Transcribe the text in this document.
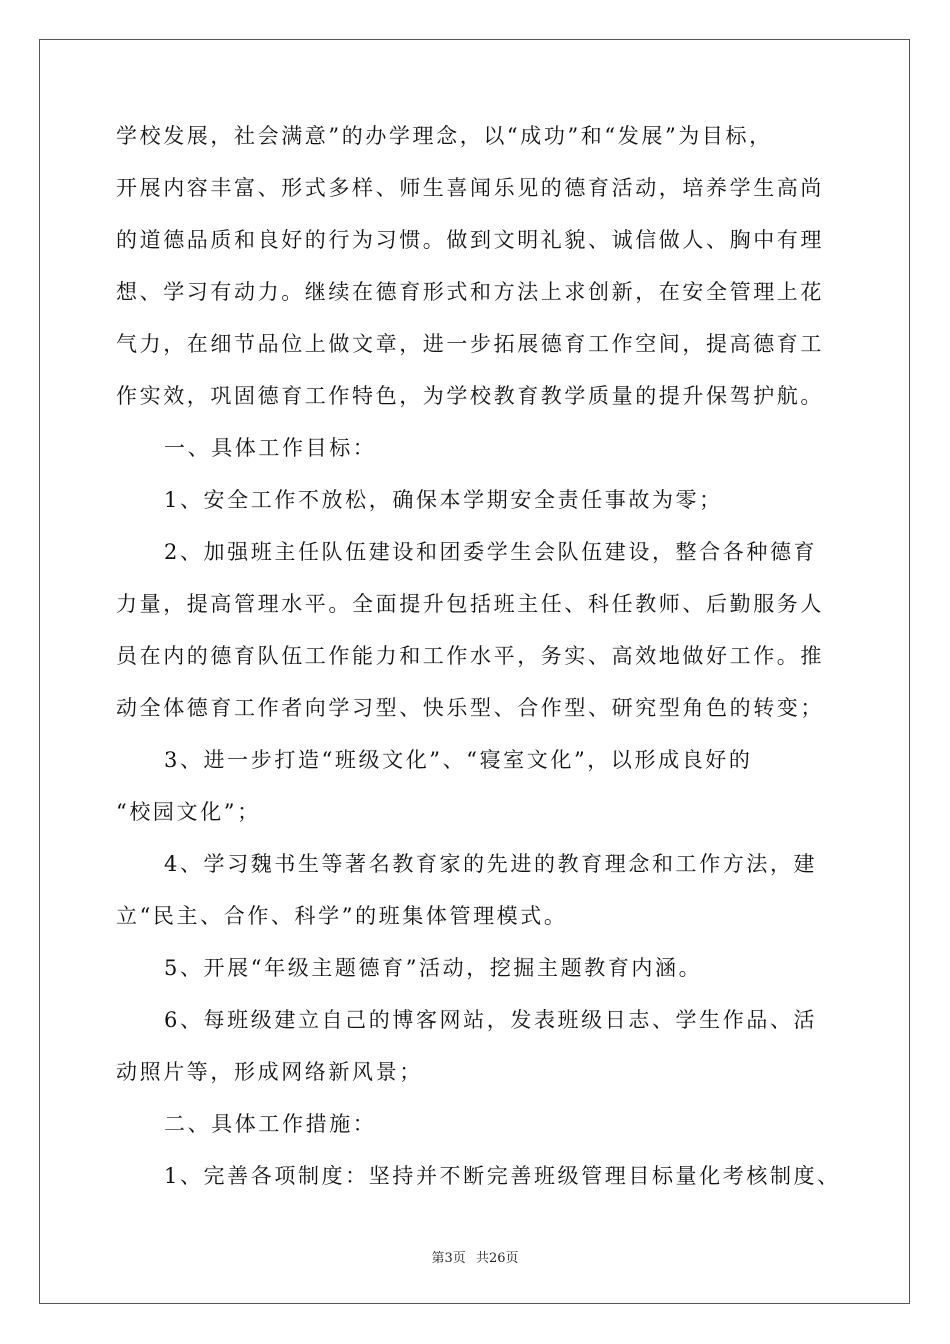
学校发展，社会满意”的办学理念，以“成功”和“发展”为目标，
开展内容丰富、形式多样、师生喜闻乐见的德育活动，培养学生高尚
的道德品质和良好的行为习惯。做到文明礼貌、诚信做人、胸中有理
想、学习有动力。继续在德育形式和方法上求创新，在安全管理上花
气力，在细节品位上做文章，进一步拓展德育工作空间，提高德育工
作实效，巩固德育工作特色，为学校教育教学质量的提升保驾护航。
一、具体工作目标：
1、安全工作不放松，确保本学期安全责任事故为零；
2、加强班主任队伍建设和团委学生会队伍建设，整合各种德育
力量，提高管理水平。全面提升包括班主任、科任教师、后勤服务人
员在内的德育队伍工作能力和工作水平，务实、高效地做好工作。推
动全体德育工作者向学习型、快乐型、合作型、研究型角色的转变；
3、进一步打造“班级文化”、“寝室文化”，以形成良好的
“校园文化”；
4、学习魏书生等著名教育家的先进的教育理念和工作方法，建
立“民主、合作、科学”的班集体管理模式。
5、开展“年级主题德育”活动，挖掘主题教育内涵。
6、每班级建立自己的博客网站，发表班级日志、学生作品、活
动照片等，形成网络新风景；
二、具体工作措施：
1、完善各项制度：坚持并不断完善班级管理目标量化考核制度、
第3页 共26页
